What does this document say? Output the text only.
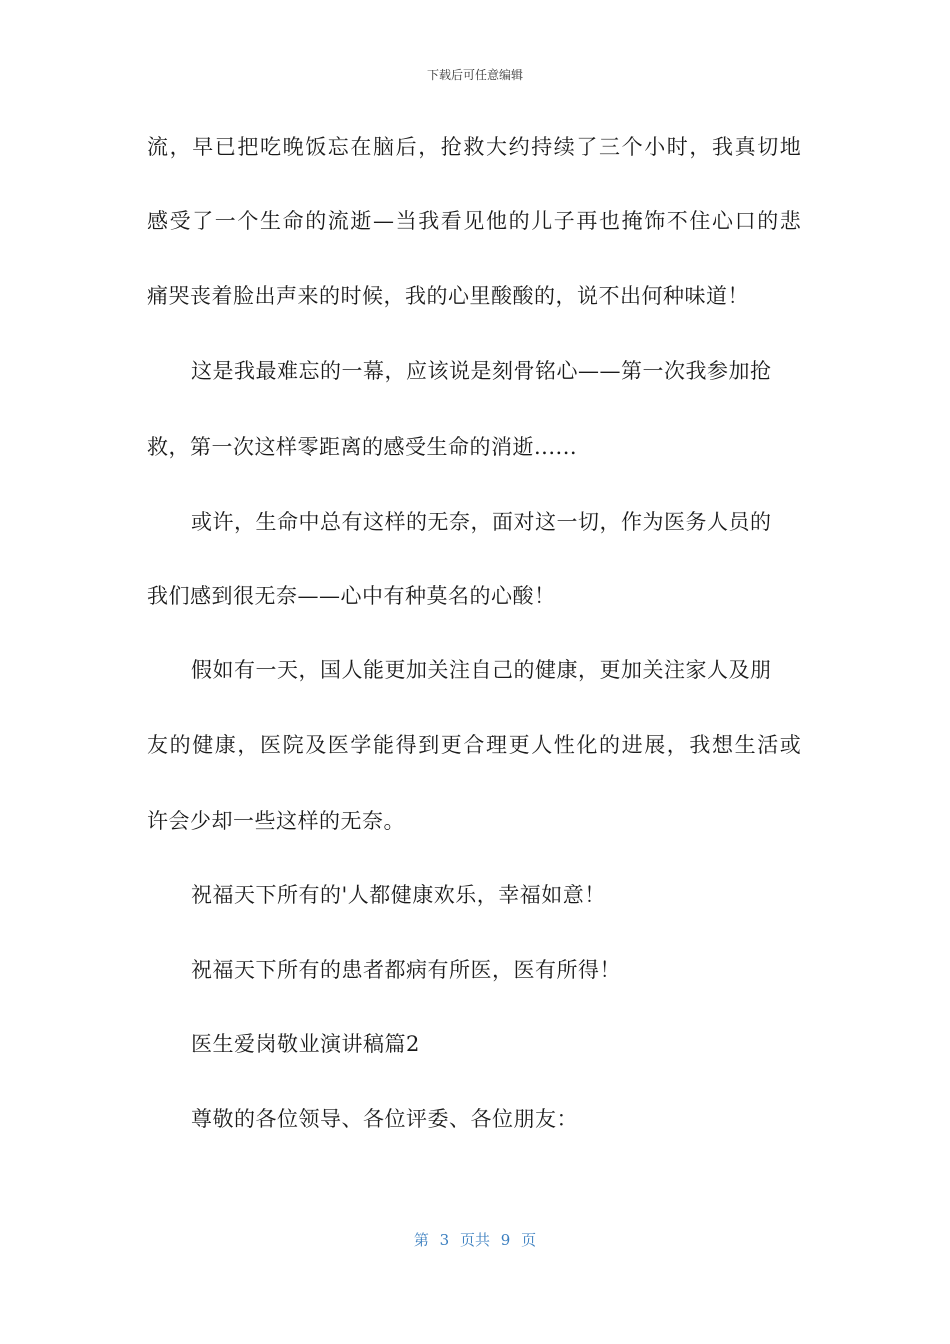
下载后可任意编辑
流，早已把吃晚饭忘在脑后，抢救大约持续了三个小时，我真切地
感受了一个生命的流逝—当我看见他的儿子再也掩饰不住心口的悲
痛哭丧着脸出声来的时候，我的心里酸酸的，说不出何种味道！
这是我最难忘的一幕，应该说是刻骨铭心——第一次我参加抢
救，第一次这样零距离的感受生命的消逝......
或许，生命中总有这样的无奈，面对这一切，作为医务人员的
我们感到很无奈——心中有种莫名的心酸！
假如有一天，国人能更加关注自己的健康，更加关注家人及朋
友的健康，医院及医学能得到更合理更人性化的进展，我想生活或
许会少却一些这样的无奈。
祝福天下所有的'人都健康欢乐，幸福如意！
祝福天下所有的患者都病有所医，医有所得！
医生爱岗敬业演讲稿篇2
尊敬的各位领导、各位评委、各位朋友：
第 3 页共 9 页
